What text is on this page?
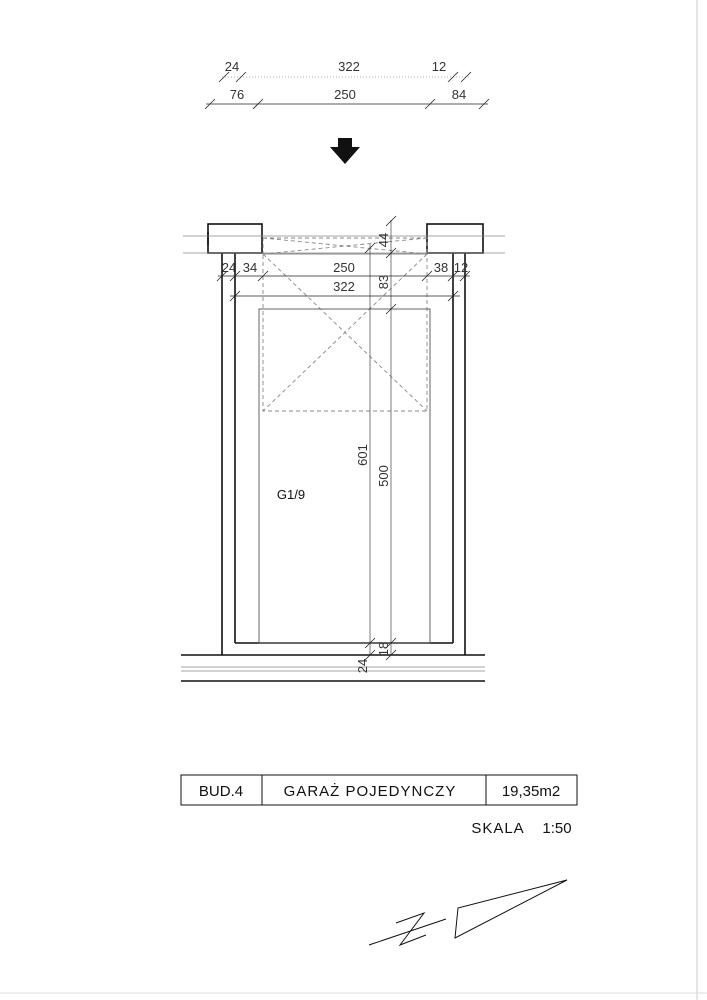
24	322	12
76	250	84
24 34	250	38 12
322
44
83
601
500
18
24
G1/9
BUD.4	GARAŻ POJEDYNCZY	19,35m2
SKALA 1:50
